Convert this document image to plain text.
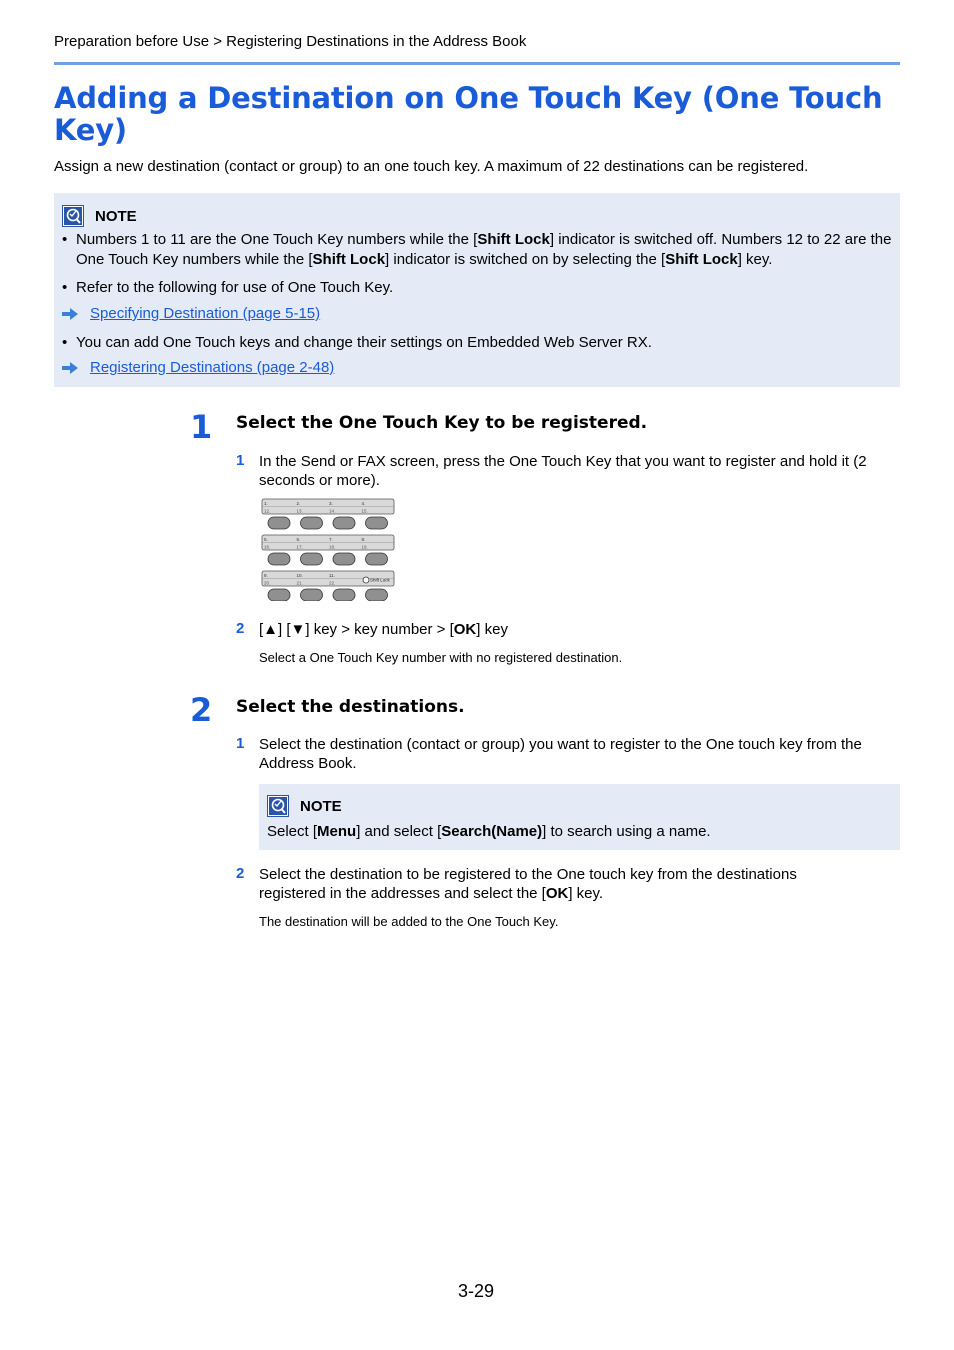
Preparation before Use > Registering Destinations in the Address Book
Adding a Destination on One Touch Key (One Touch Key)
Assign a new destination (contact or group) to an one touch key. A maximum of 22 destinations can be registered.
NOTE
• Numbers 1 to 11 are the One Touch Key numbers while the [Shift Lock] indicator is switched off. Numbers 12 to 22 are the One Touch Key numbers while the [Shift Lock] indicator is switched on by selecting the [Shift Lock] key.
• Refer to the following for use of One Touch Key.
Specifying Destination (page 5-15)
• You can add One Touch keys and change their settings on Embedded Web Server RX.
Registering Destinations (page 2-48)
1 Select the One Touch Key to be registered.
1 In the Send or FAX screen, press the One Touch Key that you want to register and hold it (2 seconds or more).
1.
12.
2.
13.
3.
14.
4.
15.
5.
16.
6.
17.
7.
18.
8.
19.
9.
20.
10.
21.
11.
22.
Shift Lock
2 [▲] [▼] key > key number > [OK] key
Select a One Touch Key number with no registered destination.
2 Select the destinations.
1 Select the destination (contact or group) you want to register to the One touch key from the Address Book.
NOTE
Select [Menu] and select [Search(Name)] to search using a name.
2 Select the destination to be registered to the One touch key from the destinations registered in the addresses and select the [OK] key.
The destination will be added to the One Touch Key.
3-29
